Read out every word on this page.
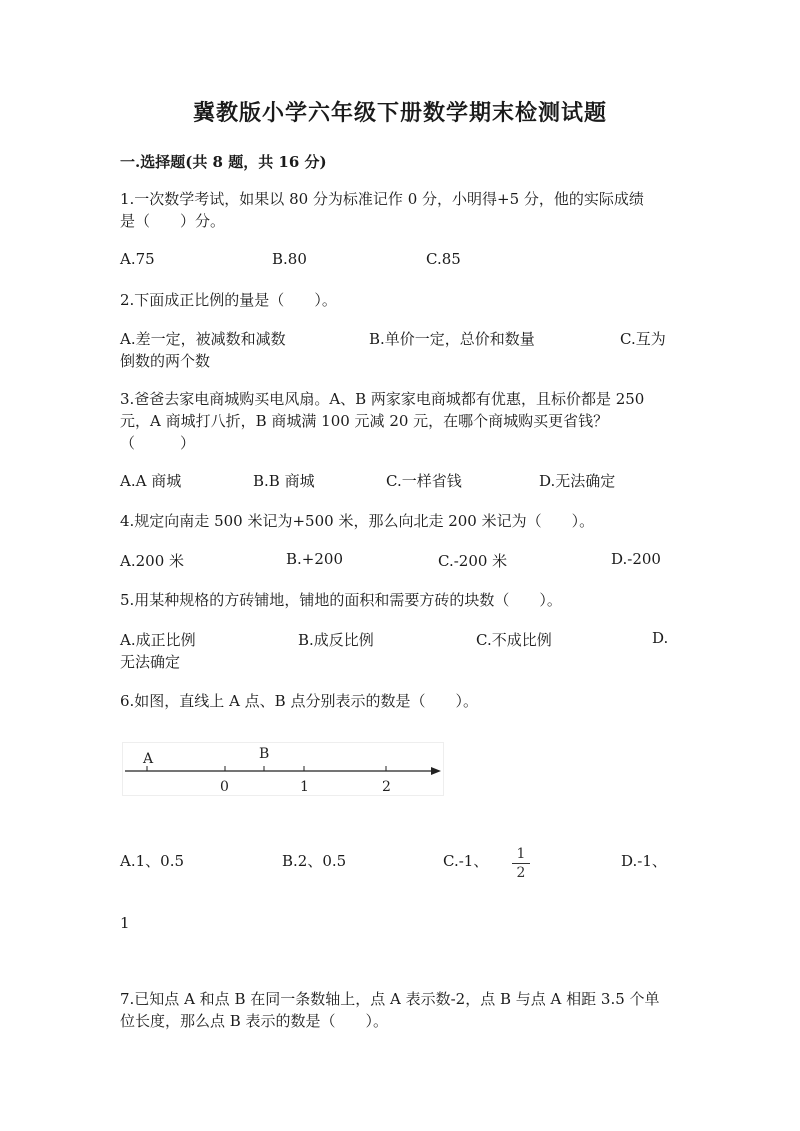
冀教版小学六年级下册数学期末检测试题
一.选择题(共 8 题，共 16 分)
1.一次数学考试，如果以 80 分为标准记作 0 分，小明得+5 分，他的实际成绩
是（　　）分。
A.75	B.80	C.85
2.下面成正比例的量是（　　）。
A.差一定，被减数和减数	B.单价一定，总价和数量	C.互为
倒数的两个数
3.爸爸去家电商城购买电风扇。A、B 两家家电商城都有优惠，且标价都是 250
元，A 商城打八折，B 商城满 100 元减 20 元，在哪个商城购买更省钱？
（　　　）
A.A 商城	B.B 商城	C.一样省钱	D.无法确定
4.规定向南走 500 米记为+500 米，那么向北走 200 米记为（　　）。
A.200 米	B.+200	C.-200 米	D.-200
5.用某种规格的方砖铺地，铺地的面积和需要方砖的块数（　　）。
A.成正比例	B.成反比例	C.不成比例	D.
无法确定
6.如图，直线上 A 点、B 点分别表示的数是（　　）。
A	B
0	1	2
A.1、0.5	B.2、0.5	C.-1、	1
2
D.-1、
1
7.已知点 A 和点 B 在同一条数轴上，点 A 表示数-2，点 B 与点 A 相距 3.5 个单
位长度，那么点 B 表示的数是（　　）。
